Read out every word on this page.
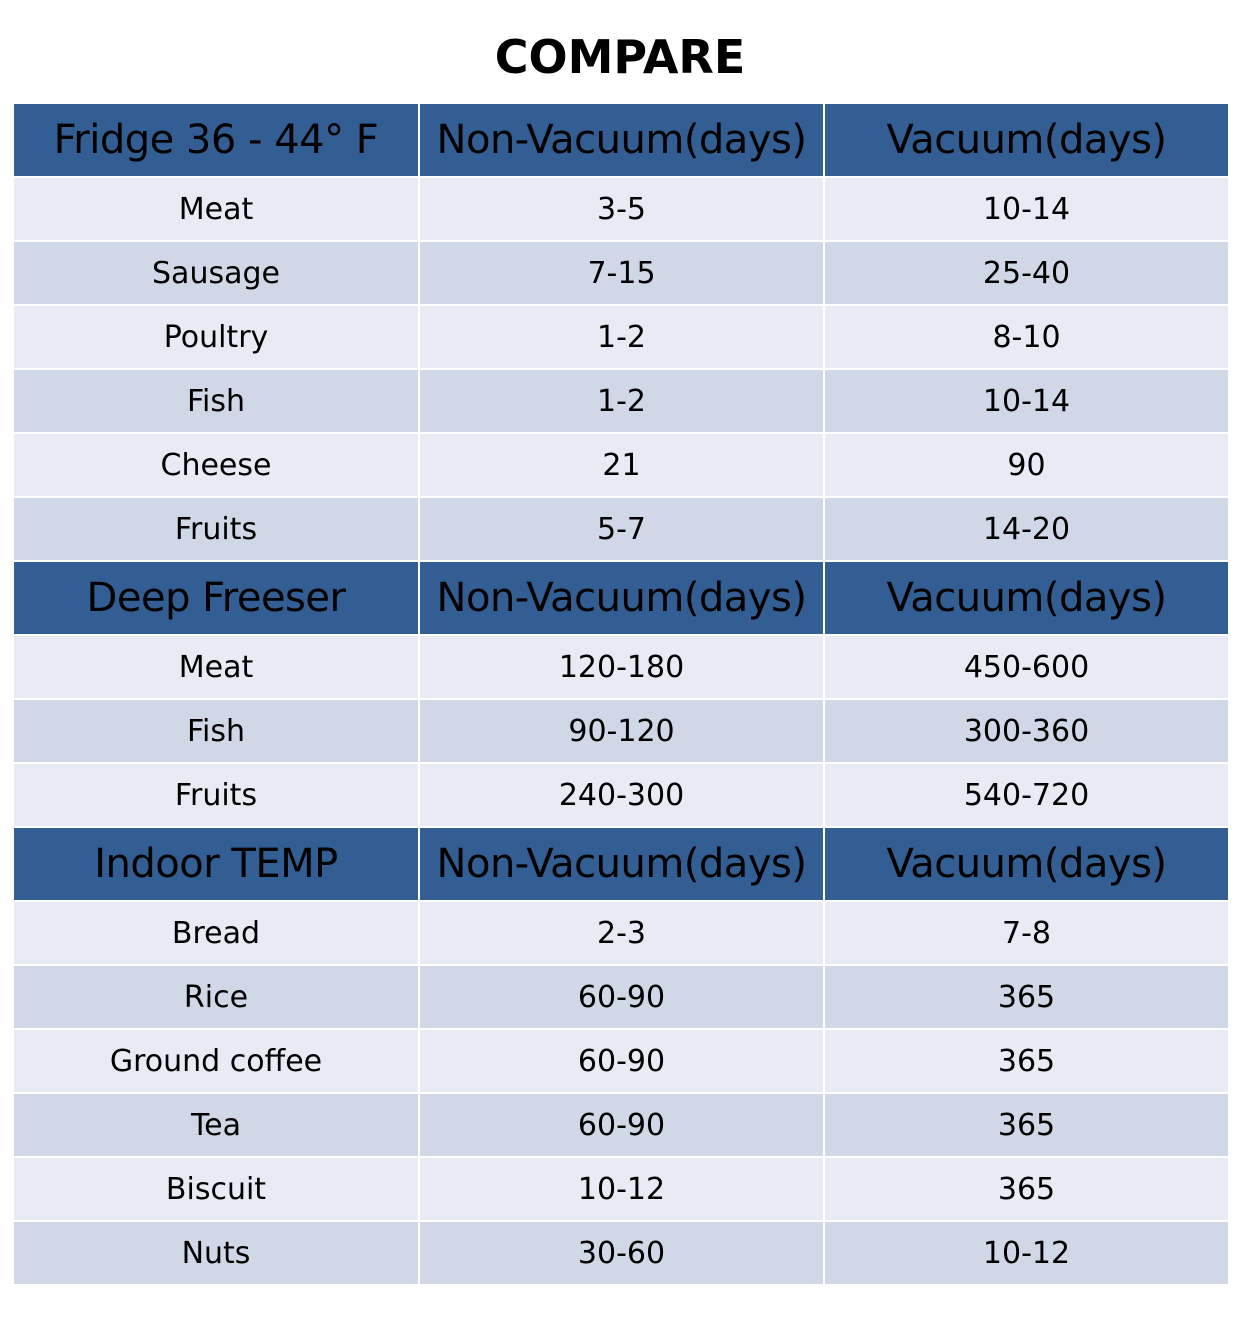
COMPARE
Fridge 36 - 44° F	Non-Vacuum(days)	Vacuum(days)
Meat	3-5	10-14
Sausage	7-15	25-40
Poultry	1-2	8-10
Fish	1-2	10-14
Cheese	21	90
Fruits	5-7	14-20
Deep Freeser	Non-Vacuum(days)	Vacuum(days)
Meat	120-180	450-600
Fish	90-120	300-360
Fruits	240-300	540-720
Indoor TEMP	Non-Vacuum(days)	Vacuum(days)
Bread	2-3	7-8
Rice	60-90	365
Ground coffee	60-90	365
Tea	60-90	365
Biscuit	10-12	365
Nuts	30-60	10-12
